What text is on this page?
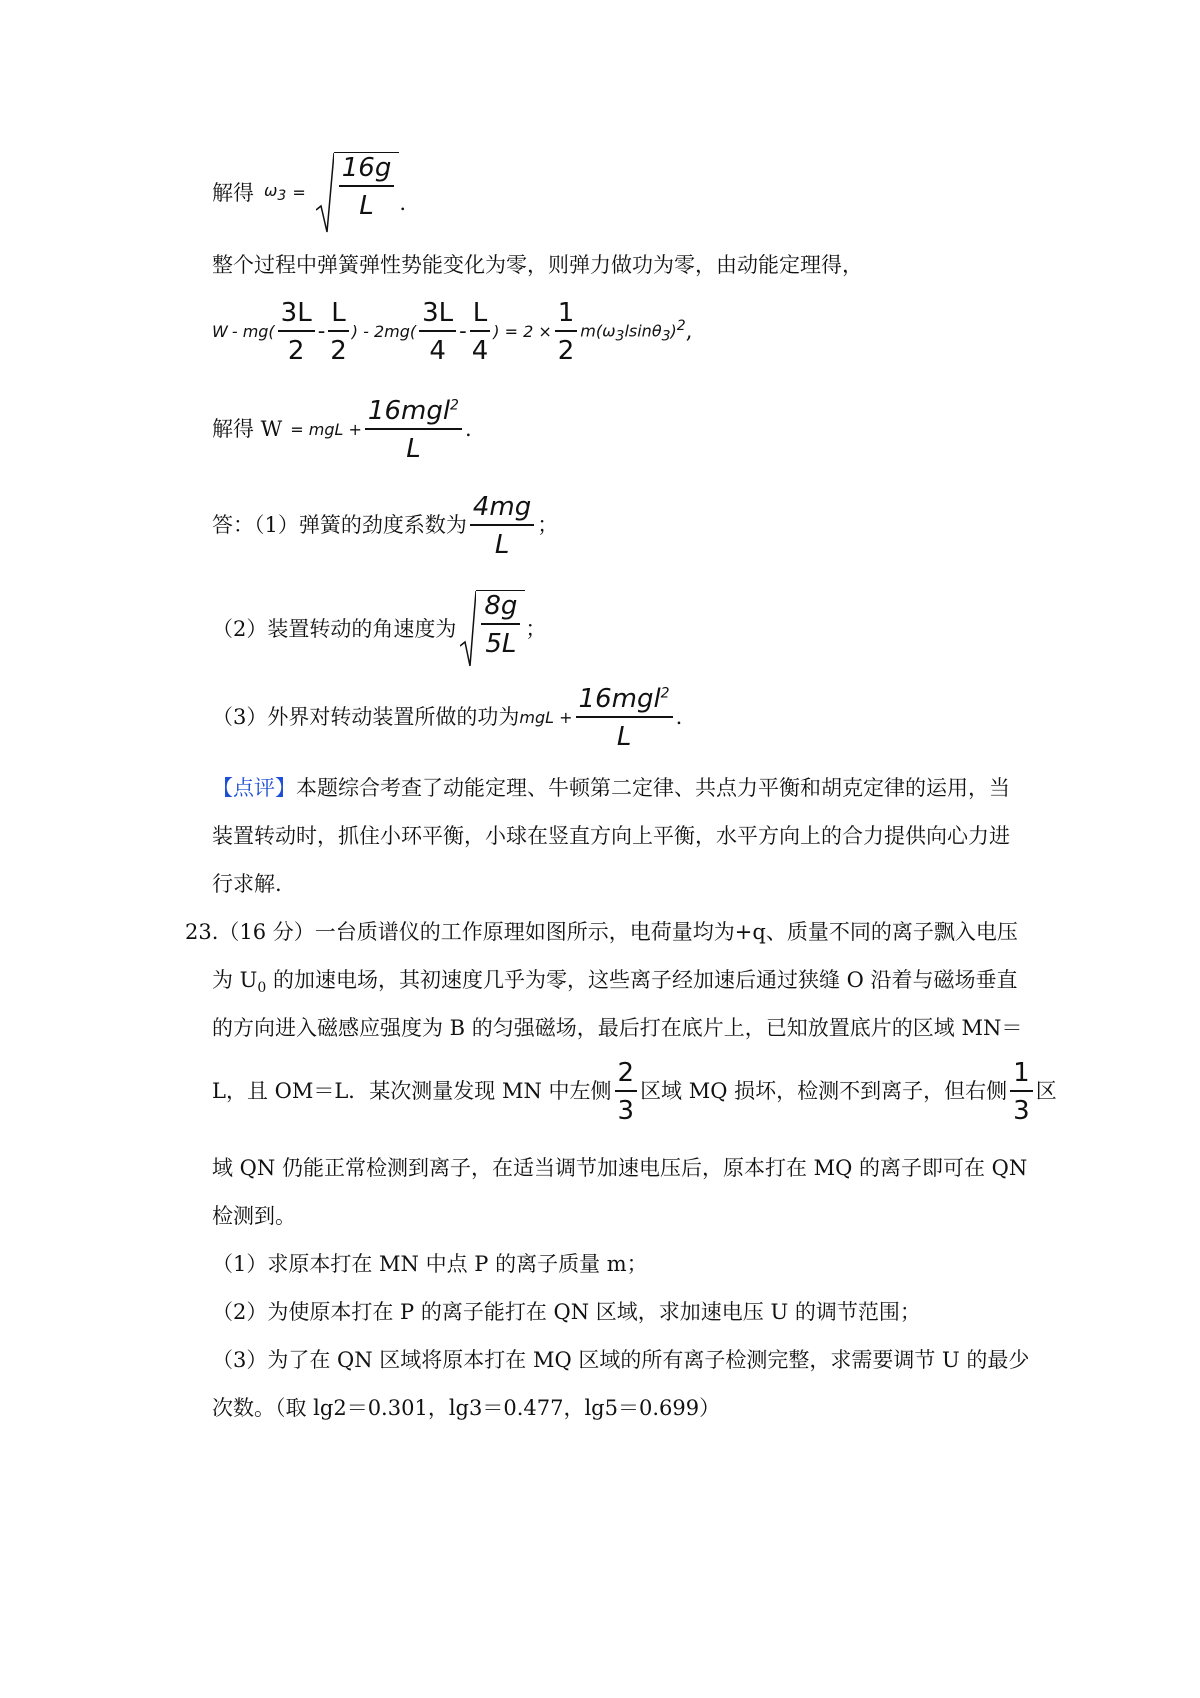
解得 $\omega_3 = \frac{16g}{L}$ .
整个过程中弹簧弹性势能变化为零，则弹力做功为零，由动能定理得，
W - $mg( \frac{3L}{2} - \frac{L}{2}$ ) - $2mg( \frac{3L}{4} - \frac{L}{4}$ ) = $2 \times \frac{1}{2} m(\omega_3lsin\theta_3)^2$ ,
解得 W = mgL + $\frac{16mgl^2}{L}$ .
答：（1）弹簧的劲度系数为 $\frac{4mg}{L}$ ；
（2）装置转动的角速度为 $\frac{8g}{5L}$ ；
（3）外界对转动装置所做的功为 mgL + $\frac{16mgl^2}{L}$ .
【点评】本题综合考查了动能定理、牛顿第二定律、共点力平衡和胡克定律的运用，当
装置转动时，抓住小环平衡，小球在竖直方向上平衡，水平方向上的合力提供向心力进
行求解.
23.（16 分）一台质谱仪的工作原理如图所示，电荷量均为+q、质量不同的离子飘入电压
为 $U_0$ 的加速电场，其初速度几乎为零，这些离子经加速后通过狭缝 O 沿着与磁场垂直
的方向进入磁感应强度为 B 的匀强磁场，最后打在底片上，已知放置底片的区域 MN＝
L，且 OM＝L．某次测量发现 MN 中左侧 $\frac{2}{3}$ 区域 MQ 损坏，检测不到离子，但右侧 $\frac{1}{3}$ 区
域 QN 仍能正常检测到离子，在适当调节加速电压后，原本打在 MQ 的离子即可在 QN
检测到。
（1）求原本打在 MN 中点 P 的离子质量 m；
（2）为使原本打在 P 的离子能打在 QN 区域，求加速电压 U 的调节范围；
（3）为了在 QN 区域将原本打在 MQ 区域的所有离子检测完整，求需要调节 U 的最少
次数。（取 lg2＝0.301，lg3＝0.477，lg5＝0.699）
